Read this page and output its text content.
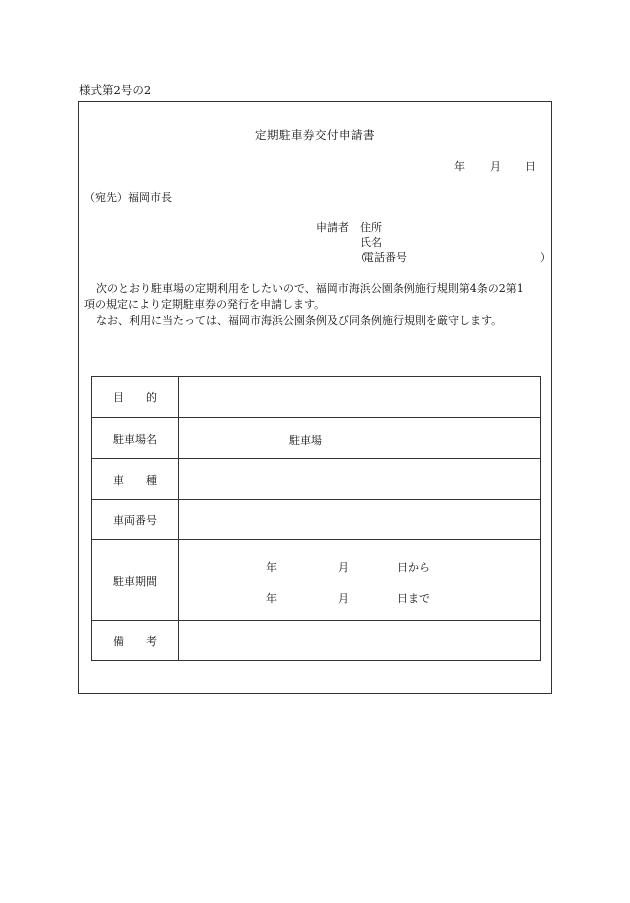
様式第2号の2
定期駐車券交付申請書
年 月 日
（宛先）福岡市長
申請者 住所
氏名
（
電話番号	）
次のとおり駐車場の定期利用をしたいので、福岡市海浜公園条例施行規則第4条の2第1
項の規定により定期駐車券の発行を申請します。
なお、利用に当たっては、福岡市海浜公園条例及び同条例施行規則を厳守します。
目 的
駐車場名	駐車場
車 種
車両番号
駐車期間
年	月	日から
年	月	日まで
備 考
